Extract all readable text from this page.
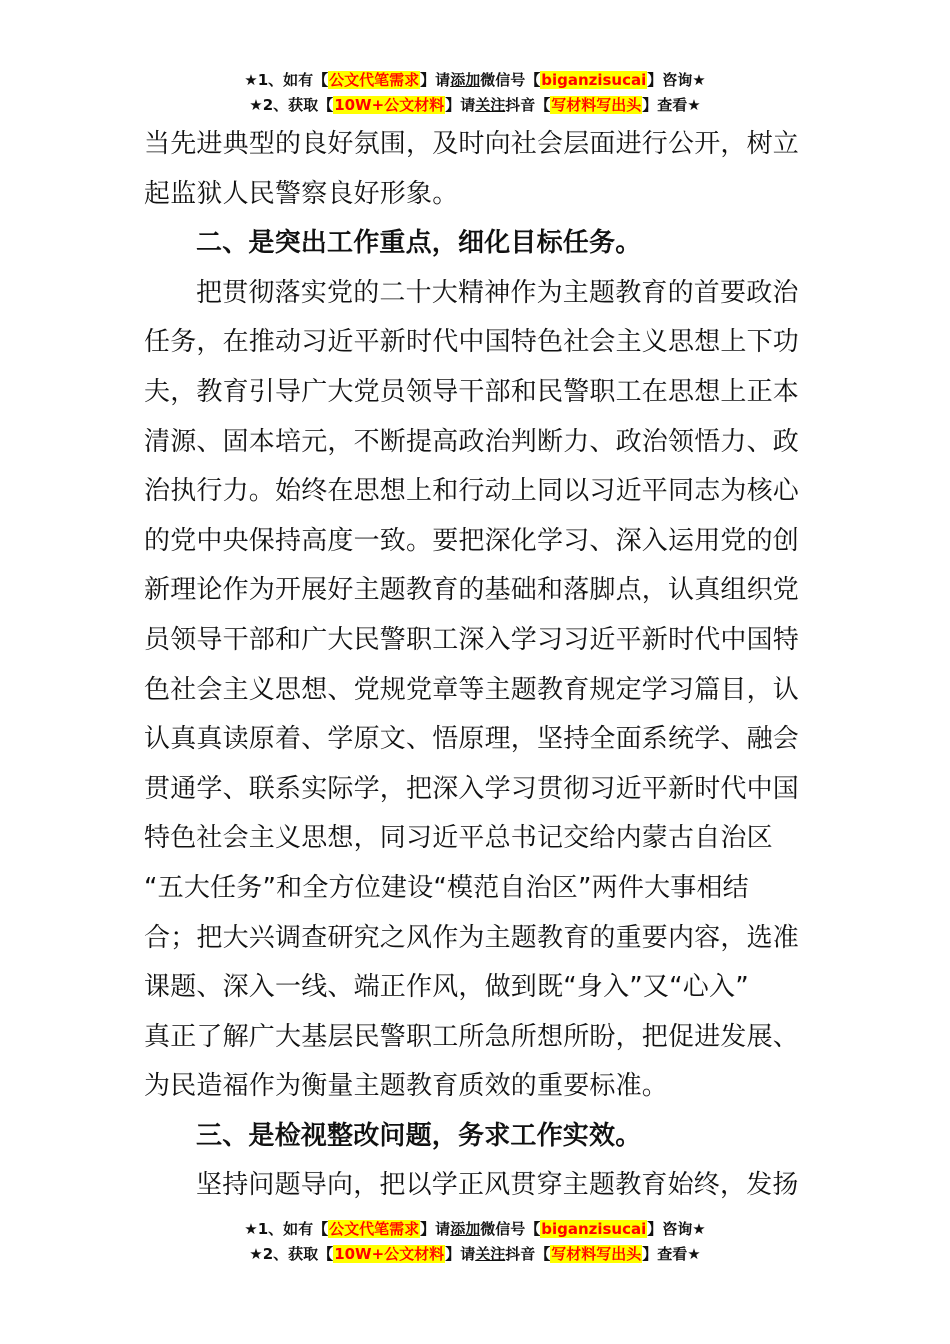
★1、如有【公文代笔需求】请添加微信号【biganzisucai】咨询★
★2、获取【10W+公文材料】请关注抖音【写材料写出头】查看★
当先进典型的良好氛围，及时向社会层面进行公开，树立
起监狱人民警察良好形象。
二、是突出工作重点，细化目标任务。
把贯彻落实党的二十大精神作为主题教育的首要政治
任务，在推动习近平新时代中国特色社会主义思想上下功
夫，教育引导广大党员领导干部和民警职工在思想上正本
清源、固本培元，不断提高政治判断力、政治领悟力、政
治执行力。始终在思想上和行动上同以习近平同志为核心
的党中央保持高度一致。要把深化学习、深入运用党的创
新理论作为开展好主题教育的基础和落脚点，认真组织党
员领导干部和广大民警职工深入学习习近平新时代中国特
色社会主义思想、党规党章等主题教育规定学习篇目，认
认真真读原着、学原文、悟原理，坚持全面系统学、融会
贯通学、联系实际学，把深入学习贯彻习近平新时代中国
特色社会主义思想，同习近平总书记交给内蒙古自治区
“五大任务”和全方位建设“模范自治区”两件大事相结
合；把大兴调查研究之风作为主题教育的重要内容，选准
课题、深入一线、端正作风，做到既“身入”又“心入”
真正了解广大基层民警职工所急所想所盼，把促进发展、
为民造福作为衡量主题教育质效的重要标准。
三、是检视整改问题，务求工作实效。
坚持问题导向，把以学正风贯穿主题教育始终，发扬
★1、如有【公文代笔需求】请添加微信号【biganzisucai】咨询★
★2、获取【10W+公文材料】请关注抖音【写材料写出头】查看★
